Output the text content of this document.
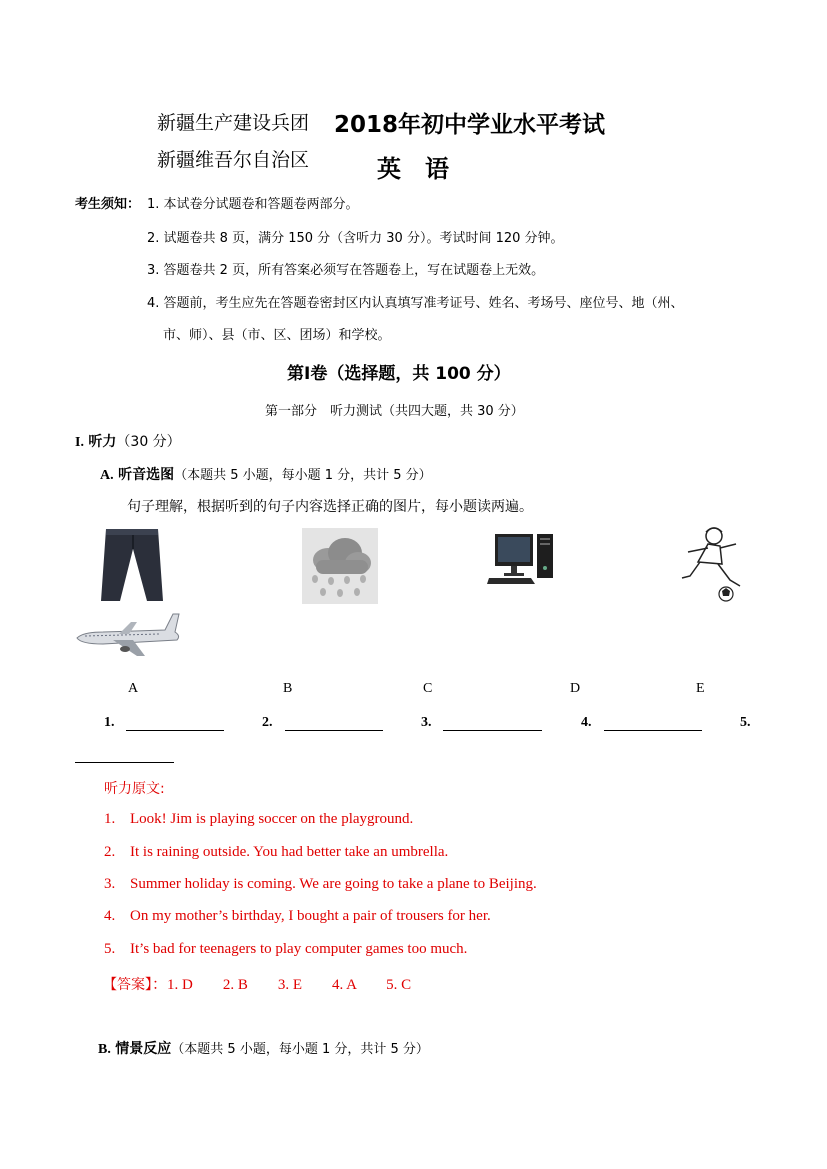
新疆生产建设兵团
新疆维吾尔自治区
2018年初中学业水平考试
英　语
考生须知： 1. 本试卷分试题卷和答题卷两部分。
2. 试题卷共 8 页，满分 150 分（含听力 30 分）。考试时间 120 分钟。
3. 答题卷共 2 页，所有答案必须写在答题卷上，写在试题卷上无效。
4. 答题前，考生应先在答题卷密封区内认真填写准考证号、姓名、考场号、座位号、地（州、
市、师）、县（市、区、团场）和学校。
第Ⅰ卷（选择题，共 100 分）
第一部分　听力测试（共四大题，共 30 分）
I. 听力（30 分）
A. 听音选图（本题共 5 小题，每小题 1 分，共计 5 分）
句子理解，根据听到的句子内容选择正确的图片，每小题读两遍。
A	B	C	D	E
1.	2.	3.	4.	5.
听力原文:
1. Look! Jim is playing soccer on the playground.
2. It is raining outside. You had better take an umbrella.
3. Summer holiday is coming. We are going to take a plane to Beijing.
4. On my mother’s birthday, I bought a pair of trousers for her.
5. It’s bad for teenagers to play computer games too much.
【答案】：1. D　　2. B　　3. E　　4. A　　5. C
B. 情景反应（本题共 5 小题，每小题 1 分，共计 5 分）
